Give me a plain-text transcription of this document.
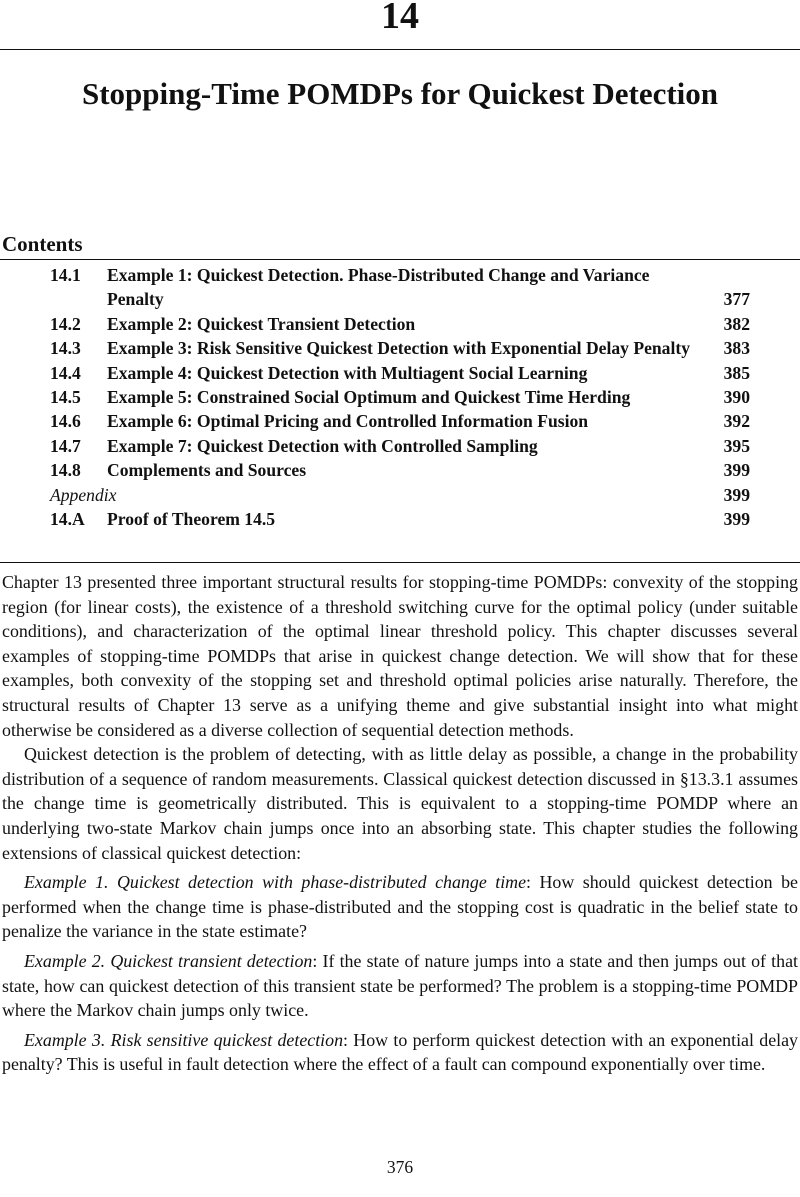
14
Stopping-Time POMDPs for Quickest Detection
Contents
14.1 Example 1: Quickest Detection. Phase-Distributed Change and Variance Penalty	377
14.2 Example 2: Quickest Transient Detection	382
14.3 Example 3: Risk Sensitive Quickest Detection with Exponential Delay Penalty	383
14.4 Example 4: Quickest Detection with Multiagent Social Learning	385
14.5 Example 5: Constrained Social Optimum and Quickest Time Herding	390
14.6 Example 6: Optimal Pricing and Controlled Information Fusion	392
14.7 Example 7: Quickest Detection with Controlled Sampling	395
14.8 Complements and Sources	399
Appendix	399
14.A Proof of Theorem 14.5	399

Chapter 13 presented three important structural results for stopping-time POMDPs: convexity of the stopping region (for linear costs), the existence of a threshold switching curve for the optimal policy (under suitable conditions), and characterization of the optimal linear threshold policy. This chapter discusses several examples of stopping-time POMDPs that arise in quickest change detection. We will show that for these examples, both convexity of the stopping set and threshold optimal policies arise naturally. Therefore, the structural results of Chapter 13 serve as a unifying theme and give substantial insight into what might otherwise be considered as a diverse collection of sequential detection methods.

Quickest detection is the problem of detecting, with as little delay as possible, a change in the probability distribution of a sequence of random measurements. Classical quickest detection discussed in §13.3.1 assumes the change time is geometrically distributed. This is equivalent to a stopping-time POMDP where an underlying two-state Markov chain jumps once into an absorbing state. This chapter studies the following extensions of classical quickest detection:

Example 1. Quickest detection with phase-distributed change time: How should quickest detection be performed when the change time is phase-distributed and the stopping cost is quadratic in the belief state to penalize the variance in the state estimate?

Example 2. Quickest transient detection: If the state of nature jumps into a state and then jumps out of that state, how can quickest detection of this transient state be performed? The problem is a stopping-time POMDP where the Markov chain jumps only twice.

Example 3. Risk sensitive quickest detection: How to perform quickest detection with an exponential delay penalty? This is useful in fault detection where the effect of a fault can compound exponentially over time.

376
